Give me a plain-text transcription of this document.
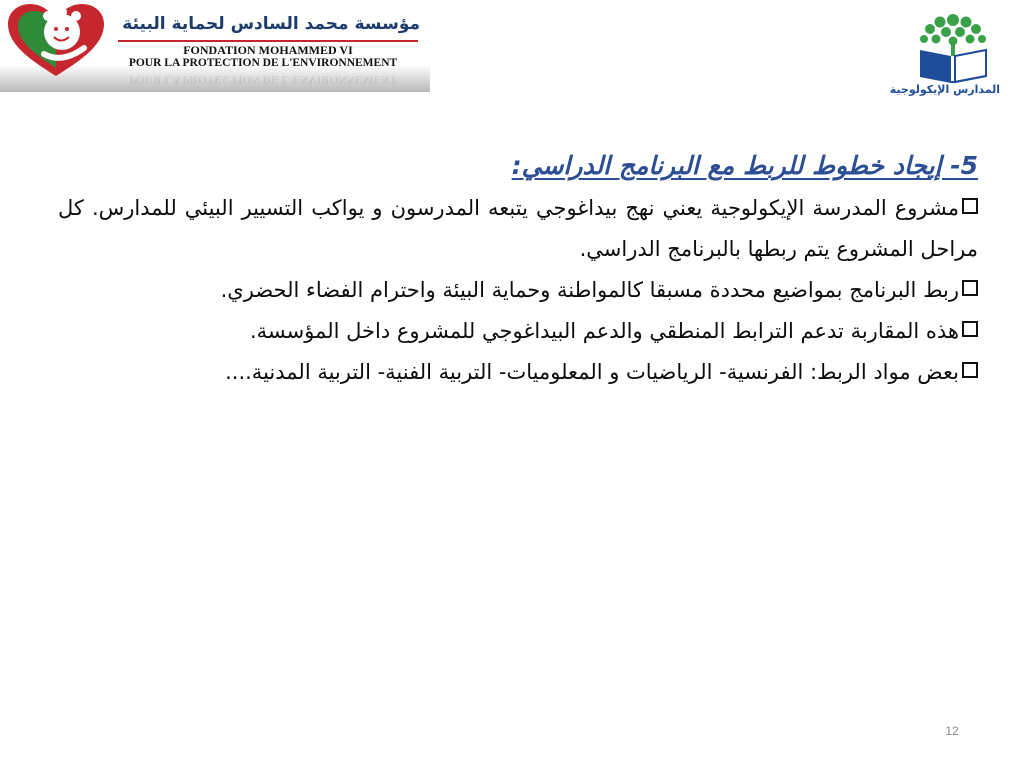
مؤسسة محمد السادس لحماية البيئة
FONDATION MOHAMMED VI
POUR LA PROTECTION DE L'ENVIRONNEMENT
POUR LA PROTECTION DE L'ENVIRONNEMENT
المدارس الإيكولوجية
5- إيجاد خطوط للربط مع البرنامج الدراسي:

مشروع المدرسة الإيكولوجية يعني نهج بيداغوجي يتبعه المدرسون و يواكب التسيير البيئي للمدارس. كل مراحل المشروع يتم ربطها بالبرنامج الدراسي.

ربط البرنامج بمواضيع محددة مسبقا كالمواطنة وحماية البيئة واحترام الفضاء الحضري.

هذه المقاربة تدعم الترابط المنطقي والدعم البيداغوجي للمشروع داخل المؤسسة.

بعض مواد الربط: الفرنسية- الرياضيات و المعلوميات- التربية الفنية- التربية المدنية....

12
